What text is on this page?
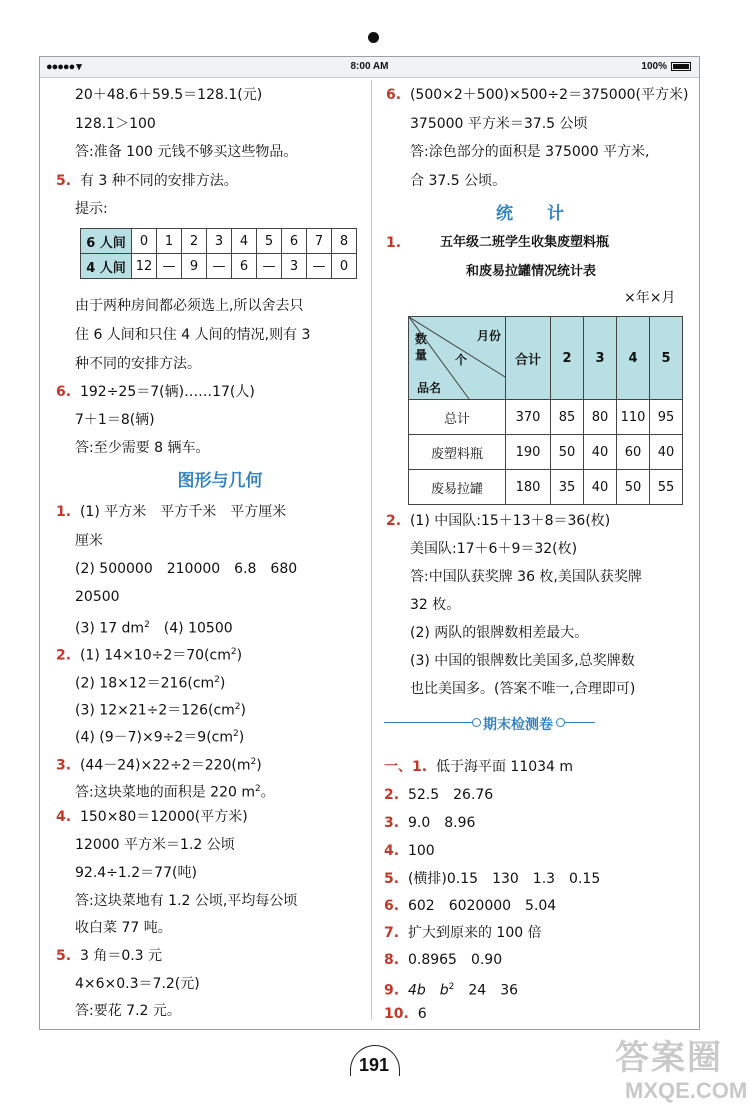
●●●●● ▾	8:00 AM	100%
20＋48.6＋59.5＝128.1(元)
128.1＞100
答:准备 100 元钱不够买这些物品。
5. 有 3 种不同的安排方法。
提示:
6 人间	0	1	2	3	4	5	6	7	8
4 人间	12	—	9	—	6	—	3	—	0
由于两种房间都必须选上,所以舍去只
住 6 人间和只住 4 人间的情况,则有 3
种不同的安排方法。
6. 192÷25＝7(辆)……17(人)
7＋1＝8(辆)
答:至少需要 8 辆车。
图形与几何
1. (1) 平方米　平方千米　平方厘米
厘米
(2) 500000　210000　6.8　680
20500
(3) 17 $dm^2$　(4) 10500
2. (1) $14\times 10\div 2=70(cm^2)$
(2) $18\times 12=216(cm^2)$
(3) $12\times 21\div 2=126(cm^2)$
(4) $(9-7)\times 9\div 2=9(cm^2)$
3. $(44-24)\times 22\div 2=220(m^2)$
答:这块菜地的面积是 220 $m^2$。
4. 150×80＝12000(平方米)
12000 平方米＝1.2 公顷
92.4÷1.2＝77(吨)
答:这块菜地有 1.2 公顷,平均每公顷
收白菜 77 吨。
5. 3 角＝0.3 元
4×6×0.3＝7.2(元)
答:要花 7.2 元。
6. (500×2＋500)×500÷2＝375000(平方米)
375000 平方米＝37.5 公顷
答:涂色部分的面积是 375000 平方米,
合 37.5 公顷。
统　　计
1.	五年级二班学生收集废塑料瓶
和废易拉罐情况统计表
×年×月
月份
数量 个
品名	合计	2	3	4	5
总计	370	85	80	110	95
废塑料瓶	190	50	40	60	40
废易拉罐	180	35	40	50	55
2. (1) 中国队:15＋13＋8＝36(枚)
美国队:17＋6＋9＝32(枚)
答:中国队获奖牌 36 枚,美国队获奖牌
32 枚。
(2) 两队的银牌数相差最大。
(3) 中国的银牌数比美国多,总奖牌数
也比美国多。(答案不唯一,合理即可)
期末检测卷
一、1. 低于海平面 11034 m
2. 52.5　26.76
3. 9.0　8.96
4. 100
5. (横排)0.15　130　1.3　0.15
6. 602　6020000　5.04
7. 扩大到原来的 100 倍
8. 0.8965　0.90
9. 4b　$b^2$　24　36
10. 6
191	答案圈
MXQE.COM
